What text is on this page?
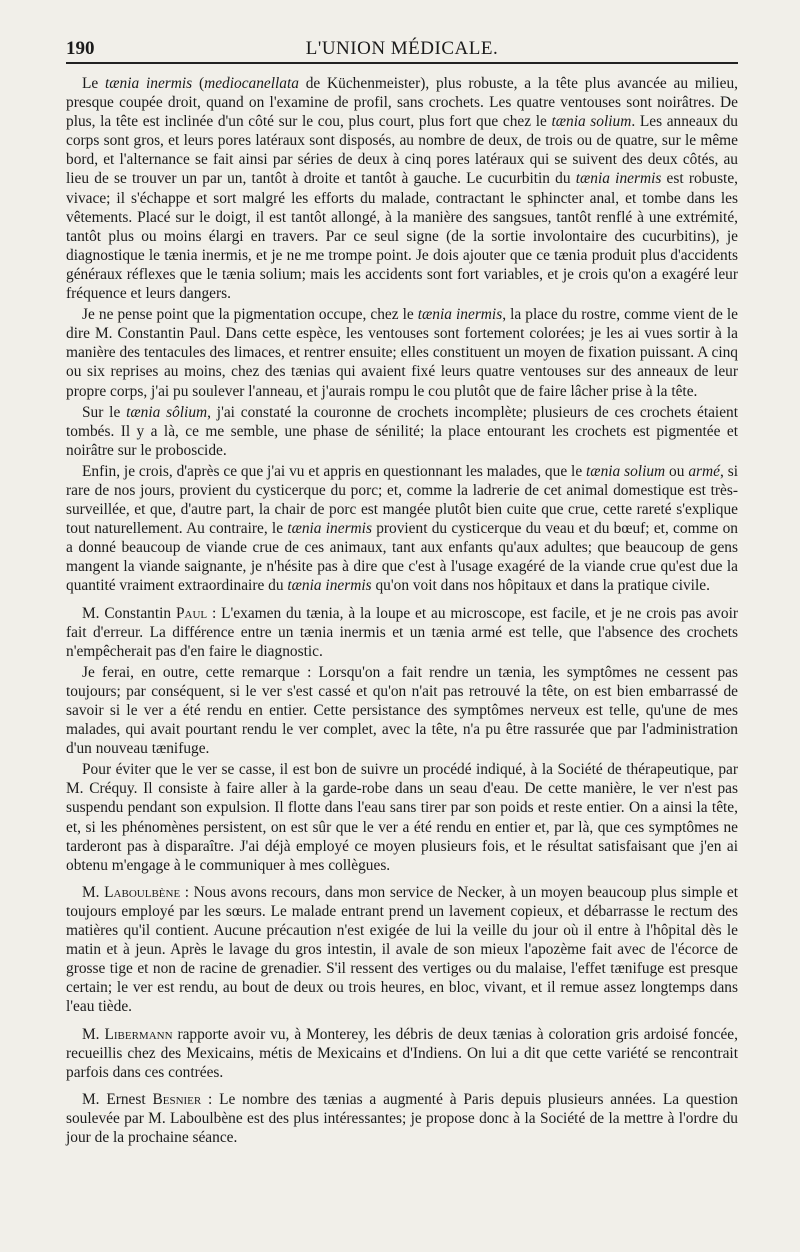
190	L'UNION MÉDICALE.

Le tænia inermis (mediocanellata de Küchenmeister), plus robuste, a la tête plus avancée au milieu, presque coupée droit, quand on l'examine de profil, sans crochets. Les quatre ventouses sont noirâtres. De plus, la tête est inclinée d'un côté sur le cou, plus court, plus fort que chez le tænia solium. Les anneaux du corps sont gros, et leurs pores latéraux sont disposés, au nombre de deux, de trois ou de quatre, sur le même bord, et l'alternance se fait ainsi par séries de deux à cinq pores latéraux qui se suivent des deux côtés, au lieu de se trouver un par un, tantôt à droite et tantôt à gauche. Le cucurbitin du tænia inermis est robuste, vivace; il s'échappe et sort malgré les efforts du malade, contractant le sphincter anal, et tombe dans les vêtements. Placé sur le doigt, il est tantôt allongé, à la manière des sangsues, tantôt renflé à une extrémité, tantôt plus ou moins élargi en travers. Par ce seul signe (de la sortie involontaire des cucurbitins), je diagnostique le tænia inermis, et je ne me trompe point. Je dois ajouter que ce tænia produit plus d'accidents généraux réflexes que le tænia solium; mais les accidents sont fort variables, et je crois qu'on a exagéré leur fréquence et leurs dangers.

Je ne pense point que la pigmentation occupe, chez le tænia inermis, la place du rostre, comme vient de le dire M. Constantin Paul. Dans cette espèce, les ventouses sont fortement colorées; je les ai vues sortir à la manière des tentacules des limaces, et rentrer ensuite; elles constituent un moyen de fixation puissant. A cinq ou six reprises au moins, chez des tænias qui avaient fixé leurs quatre ventouses sur des anneaux de leur propre corps, j'ai pu soulever l'anneau, et j'aurais rompu le cou plutôt que de faire lâcher prise à la tête.

Sur le tænia sôlium, j'ai constaté la couronne de crochets incomplète; plusieurs de ces crochets étaient tombés. Il y a là, ce me semble, une phase de sénilité; la place entourant les crochets est pigmentée et noirâtre sur le proboscide.

Enfin, je crois, d'après ce que j'ai vu et appris en questionnant les malades, que le tænia solium ou armé, si rare de nos jours, provient du cysticerque du porc; et, comme la ladrerie de cet animal domestique est très-surveillée, et que, d'autre part, la chair de porc est mangée plutôt bien cuite que crue, cette rareté s'explique tout naturellement. Au contraire, le tænia inermis provient du cysticerque du veau et du bœuf; et, comme on a donné beaucoup de viande crue de ces animaux, tant aux enfants qu'aux adultes; que beaucoup de gens mangent la viande saignante, je n'hésite pas à dire que c'est à l'usage exagéré de la viande crue qu'est due la quantité vraiment extraordinaire du tænia inermis qu'on voit dans nos hôpitaux et dans la pratique civile.

M. Constantin Paul : L'examen du tænia, à la loupe et au microscope, est facile, et je ne crois pas avoir fait d'erreur. La différence entre un tænia inermis et un tænia armé est telle, que l'absence des crochets n'empêcherait pas d'en faire le diagnostic.

Je ferai, en outre, cette remarque : Lorsqu'on a fait rendre un tænia, les symptômes ne cessent pas toujours; par conséquent, si le ver s'est cassé et qu'on n'ait pas retrouvé la tête, on est bien embarrassé de savoir si le ver a été rendu en entier. Cette persistance des symptômes nerveux est telle, qu'une de mes malades, qui avait pourtant rendu le ver complet, avec la tête, n'a pu être rassurée que par l'administration d'un nouveau tænifuge.

Pour éviter que le ver se casse, il est bon de suivre un procédé indiqué, à la Société de thérapeutique, par M. Créquy. Il consiste à faire aller à la garde-robe dans un seau d'eau. De cette manière, le ver n'est pas suspendu pendant son expulsion. Il flotte dans l'eau sans tirer par son poids et reste entier. On a ainsi la tête, et, si les phénomènes persistent, on est sûr que le ver a été rendu en entier et, par là, que ces symptômes ne tarderont pas à disparaître. J'ai déjà employé ce moyen plusieurs fois, et le résultat satisfaisant que j'en ai obtenu m'engage à le communiquer à mes collègues.

M. Laboulbène : Nous avons recours, dans mon service de Necker, à un moyen beaucoup plus simple et toujours employé par les sœurs. Le malade entrant prend un lavement copieux, et débarrasse le rectum des matières qu'il contient. Aucune précaution n'est exigée de lui la veille du jour où il entre à l'hôpital dès le matin et à jeun. Après le lavage du gros intestin, il avale de son mieux l'apozème fait avec de l'écorce de grosse tige et non de racine de grenadier. S'il ressent des vertiges ou du malaise, l'effet tænifuge est presque certain; le ver est rendu, au bout de deux ou trois heures, en bloc, vivant, et il remue assez longtemps dans l'eau tiède.

M. Libermann rapporte avoir vu, à Monterey, les débris de deux tænias à coloration gris ardoisé foncée, recueillis chez des Mexicains, métis de Mexicains et d'Indiens. On lui a dit que cette variété se rencontrait parfois dans ces contrées.

M. Ernest Besnier : Le nombre des tænias a augmenté à Paris depuis plusieurs années. La question soulevée par M. Laboulbène est des plus intéressantes; je propose donc à la Société de la mettre à l'ordre du jour de la prochaine séance.
